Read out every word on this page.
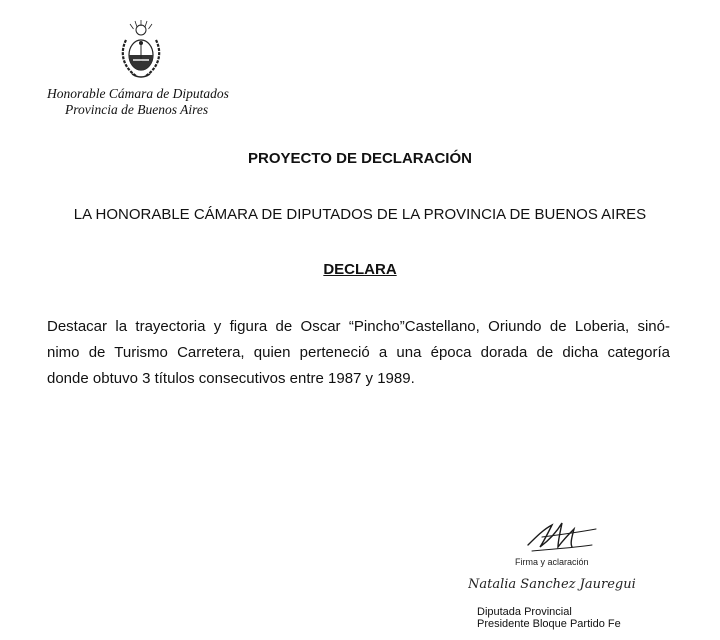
Honorable Cámara de Diputados
Provincia de Buenos Aires
PROYECTO DE DECLARACIÓN
LA HONORABLE CÁMARA DE DIPUTADOS DE LA PROVINCIA DE BUENOS AIRES
DECLARA
Destacar la trayectoria y figura de Oscar “Pincho”Castellano, Oriundo de Loberia, sinó-
nimo de Turismo Carretera, quien perteneció a una época dorada de dicha categoría
donde obtuvo 3 títulos consecutivos entre 1987 y 1989.
Firma y aclaración
Natalia Sanchez Jauregui
Diputada Provincial
Presidente Bloque Partido Fe
